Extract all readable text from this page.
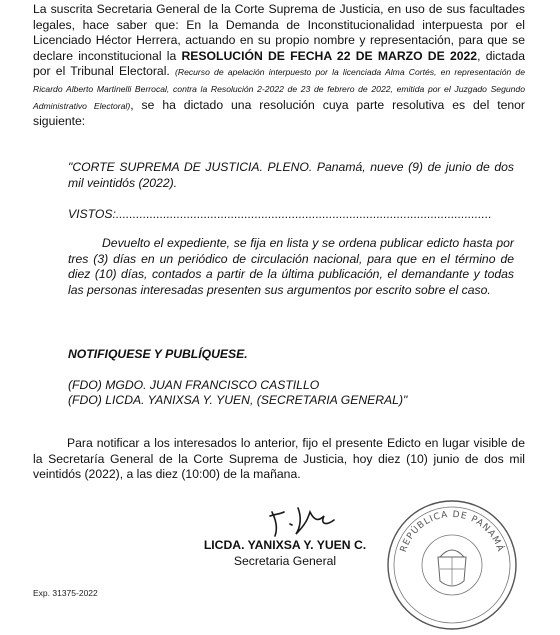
La suscrita Secretaria General de la Corte Suprema de Justicia, en uso de sus facultades legales, hace saber que: En la Demanda de Inconstitucionalidad interpuesta por el Licenciado Héctor Herrera, actuando en su propio nombre y representación, para que se declare inconstitucional la RESOLUCIÓN DE FECHA 22 DE MARZO DE 2022, dictada por el Tribunal Electoral. (Recurso de apelación interpuesto por la licenciada Alma Cortés, en representación de Ricardo Alberto Martinelli Berrocal, contra la Resolución 2-2022 de 23 de febrero de 2022, emitida por el Juzgado Segundo Administrativo Electoral), se ha dictado una resolución cuya parte resolutiva es del tenor siguiente:

"CORTE SUPREMA DE JUSTICIA. PLENO. Panamá, nueve (9) de junio de dos mil veintidós (2022).

VISTOS:...............................................................................................................

Devuelto el expediente, se fija en lista y se ordena publicar edicto hasta por tres (3) días en un periódico de circulación nacional, para que en el término de diez (10) días, contados a partir de la última publicación, el demandante y todas las personas interesadas presenten sus argumentos por escrito sobre el caso.

NOTIFIQUESE Y PUBLÍQUESE.

(FDO) MGDO. JUAN FRANCISCO CASTILLO

(FDO) LICDA. YANIXSA Y. YUEN, (SECRETARIA GENERAL)"

Para notificar a los interesados lo anterior, fijo el presente Edicto en lugar visible de la Secretaría General de la Corte Suprema de Justicia, hoy diez (10) junio de dos mil veintidós (2022), a las diez (10:00) de la mañana.

LICDA. YANIXSA Y. YUEN C.
Secretaria General
REPÚBLICA DE PANAMÁ
Exp. 31375-2022
